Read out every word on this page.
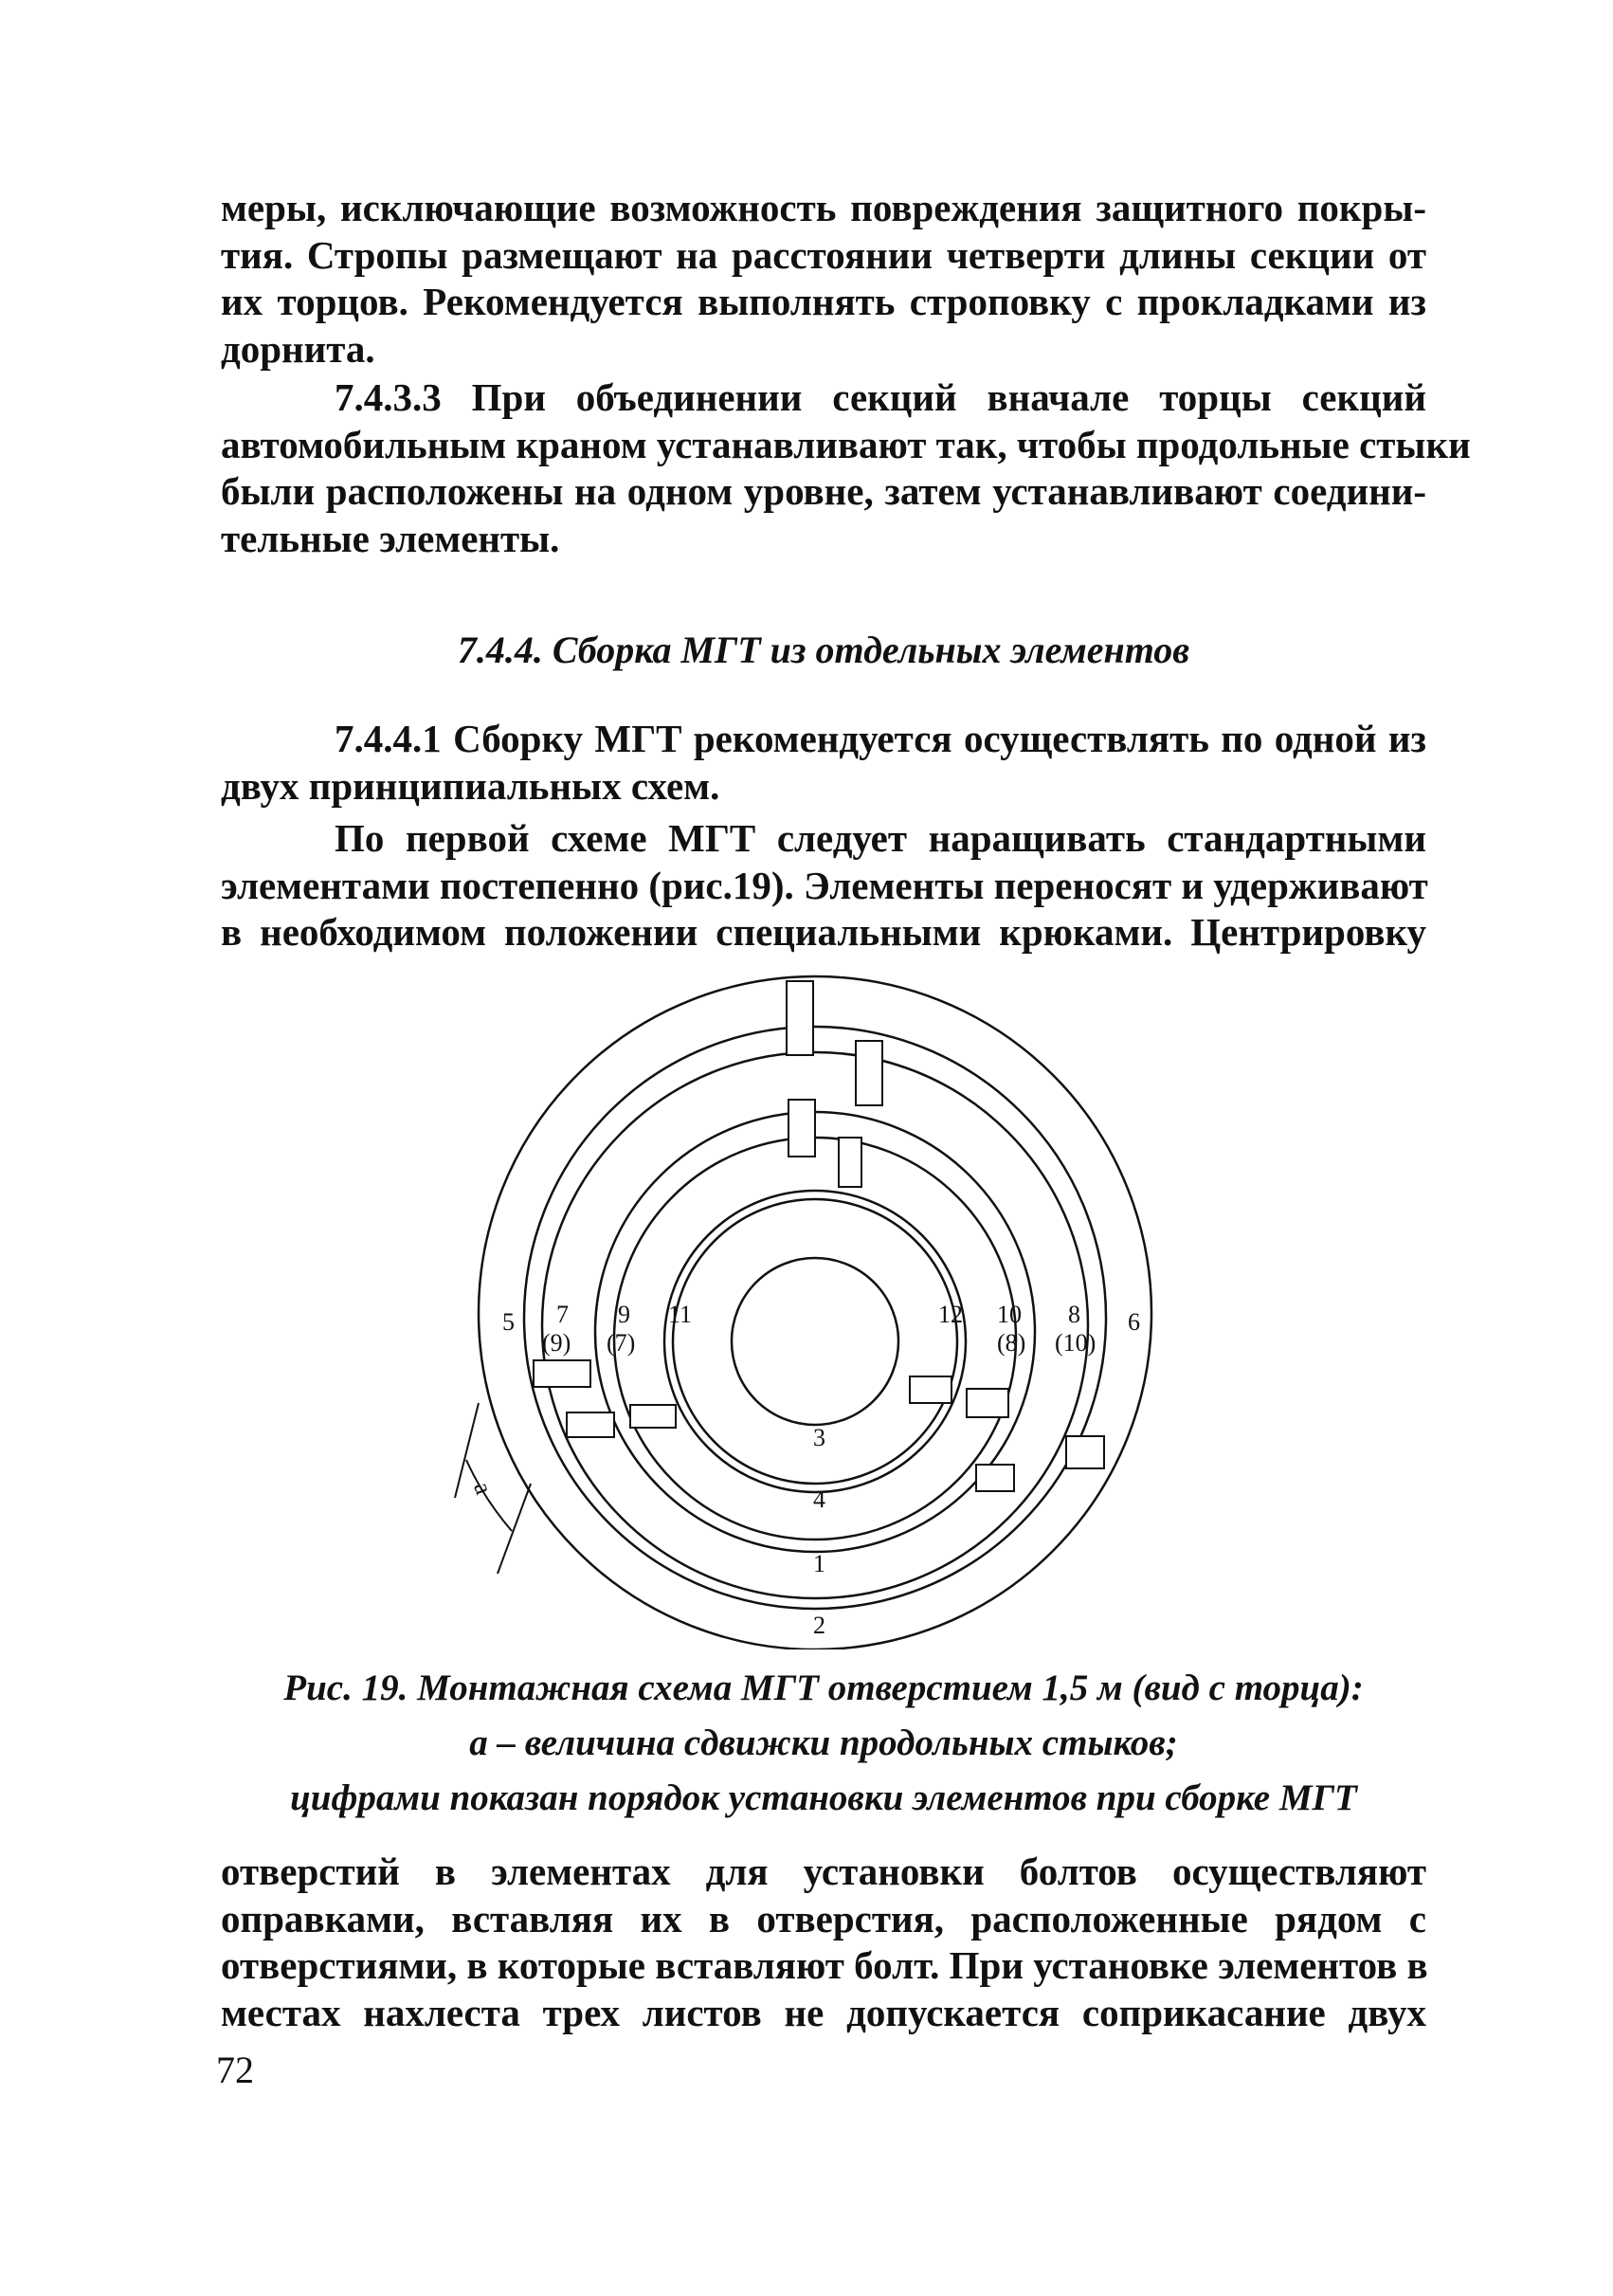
меры, исключающие возможность повреждения защитного покры-
тия. Стропы размещают на расстоянии четверти длины секции от
их торцов. Рекомендуется выполнять строповку с прокладками из
дорнита.
7.4.3.3 При объединении секций вначале торцы секций
автомобильным краном устанавливают так, чтобы продольные стыки
были расположены на одном уровне, затем устанавливают соедини-
тельные элементы.
7.4.4. Сборка МГТ из отдельных элементов
7.4.4.1 Сборку МГТ рекомендуется осуществлять по одной из
двух принципиальных схем.
По первой схеме МГТ следует наращивать стандартными
элементами постепенно (рис.19). Элементы переносят и удерживают
в необходимом положении специальными крюками. Центрировку
5 7
(9)
9
(7)
11	12 10
(8)
8
(10)
6
3
4
1
2
а
Рис. 19. Монтажная схема МГТ отверстием 1,5 м (вид с торца):
а – величина сдвижки продольных стыков;
цифрами показан порядок установки элементов при сборке МГТ
отверстий в элементах для установки болтов осуществляют
оправками, вставляя их в отверстия, расположенные рядом с
отверстиями, в которые вставляют болт. При установке элементов в
местах нахлеста трех листов не допускается соприкасание двух
72
